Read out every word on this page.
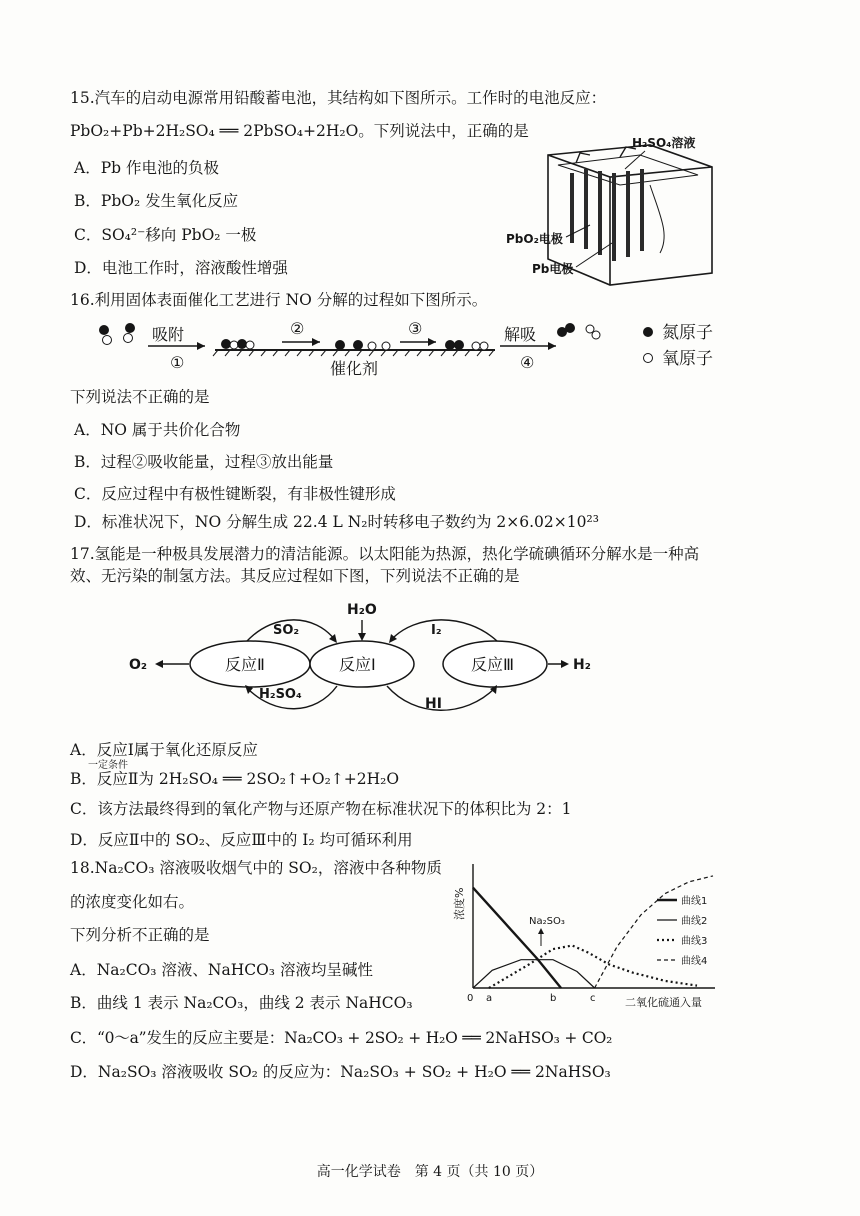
15.汽车的启动电源常用铅酸蓄电池，其结构如下图所示。工作时的电池反应：
PbO₂+Pb+2H₂SO₄ ══ 2PbSO₄+2H₂O。下列说法中，正确的是
A．Pb 作电池的负极
B．PbO₂ 发生氧化反应
C．SO₄²⁻移向 PbO₂ 一极
D．电池工作时，溶液酸性增强
H₂SO₄溶液
PbO₂电极
Pb电极
16.利用固体表面催化工艺进行 NO 分解的过程如下图所示。
吸附
①
②	③	解吸
④
催化剂
氮原子
氧原子
下列说法不正确的是
A．NO 属于共价化合物
B．过程②吸收能量，过程③放出能量
C．反应过程中有极性键断裂，有非极性键形成
D．标准状况下，NO 分解生成 22.4 L N₂时转移电子数约为 2×6.02×10²³
17.氢能是一种极具发展潜力的清洁能源。以太阳能为热源，热化学硫碘循环分解水是一种高
效、无污染的制氢方法。其反应过程如下图，下列说法不正确的是
反应Ⅱ	反应Ⅰ	反应Ⅲ
H₂O
SO₂	I₂
H₂SO₄
HI
O₂	H₂
A．反应Ⅰ属于氧化还原反应
一定条件
B．反应Ⅱ为 2H₂SO₄ ══ 2SO₂↑+O₂↑+2H₂O
C．该方法最终得到的氧化产物与还原产物在标准状况下的体积比为 2：1
D．反应Ⅱ中的 SO₂、反应Ⅲ中的 I₂ 均可循环利用
18.Na₂CO₃ 溶液吸收烟气中的 SO₂，溶液中各种物质
的浓度变化如右。
下列分析不正确的是
A．Na₂CO₃ 溶液、NaHCO₃ 溶液均呈碱性
B．曲线 1 表示 Na₂CO₃，曲线 2 表示 NaHCO₃
C．“0～a”发生的反应主要是：Na₂CO₃ + 2SO₂ + H₂O ══ 2NaHSO₃ + CO₂
D．Na₂SO₃ 溶液吸收 SO₂ 的反应为：Na₂SO₃ + SO₂ + H₂O ══ 2NaHSO₃
浓度%
二氧化硫通入量
0 a	b	c
曲线1
曲线2
曲线3
曲线4
Na₂SO₃
高一化学试卷　第 4 页（共 10 页）
